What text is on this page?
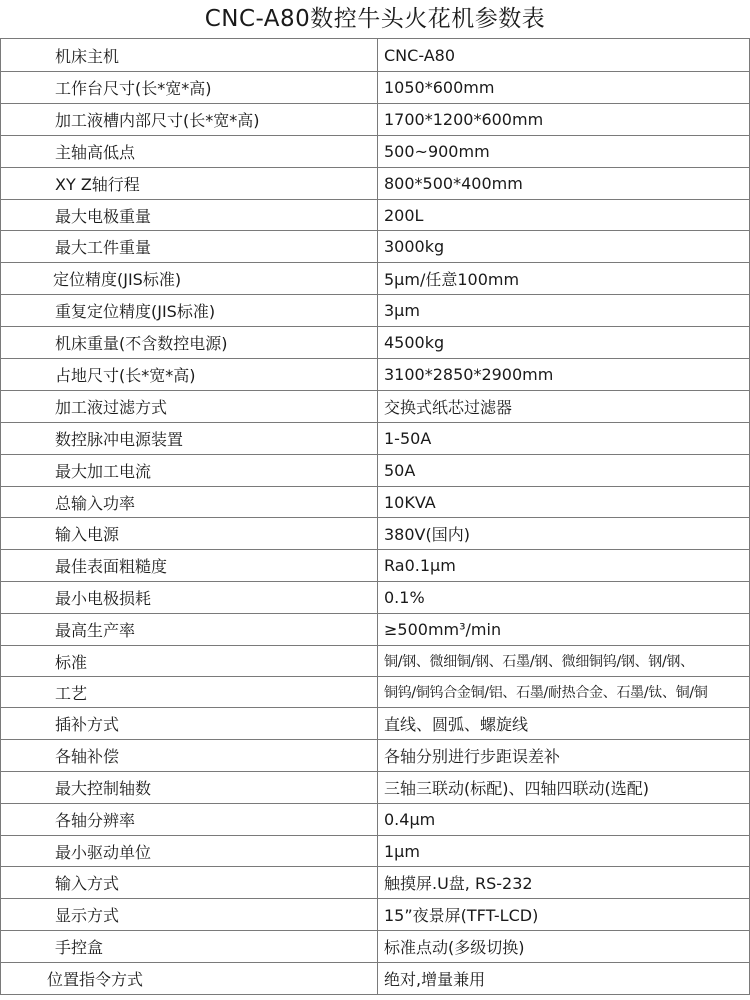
CNC-A80数控牛头火花机参数表
机床主机	CNC-A80
工作台尺寸(长*宽*高)	1050*600mm
加工液槽内部尺寸(长*宽*高)	1700*1200*600mm
主轴高低点	500~900mm
XY Z轴行程	800*500*400mm
最大电极重量	200L
最大工件重量	3000kg
定位精度(JIS标准)	5μm/任意100mm
重复定位精度(JIS标准)	3μm
机床重量(不含数控电源)	4500kg
占地尺寸(长*宽*高)	3100*2850*2900mm
加工液过滤方式	交换式纸芯过滤器
数控脉冲电源装置	1-50A
最大加工电流	50A
总输入功率	10KVA
输入电源	380V(国内)
最佳表面粗糙度	Ra0.1μm
最小电极损耗	0.1%
最高生产率	≥500mm³/min
标准	铜/钢、微细铜/钢、石墨/钢、微细铜钨/钢、钢/钢、
工艺	铜钨/铜钨合金铜/铝、石墨/耐热合金、石墨/钛、铜/铜
插补方式	直线、圆弧、螺旋线
各轴补偿	各轴分别进行步距误差补
最大控制轴数	三轴三联动(标配)、四轴四联动(选配)
各轴分辨率	0.4μm
最小驱动单位	1μm
输入方式	触摸屏.U盘, RS-232
显示方式	15”夜景屏(TFT-LCD)
手控盒	标准点动(多级切换)
位置指令方式	绝对,增量兼用
